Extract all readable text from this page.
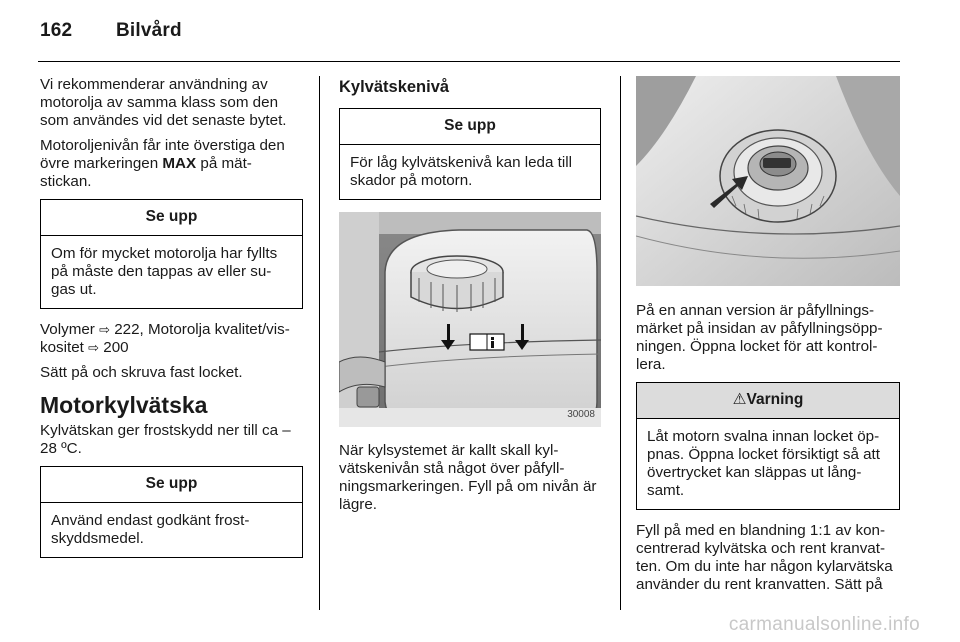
162 Bilvård

Vi rekommenderar användning av motorolja av samma klass som den som användes vid det senaste bytet.

Motoroljenivån får inte överstiga den övre markeringen MAX på mät-stickan.

Se upp
Om för mycket motorolja har fyllts på måste den tappas av eller su-gas ut.

Volymer ⇨ 222, Motorolja kvalitet/vis-kositet ⇨ 200

Sätt på och skruva fast locket.

Motorkylvätska

Kylvätskan ger frostskydd ner till ca –28 ºC.

Se upp
Använd endast godkänt frost-skyddsmedel.
Kylvätskenivå
Se upp
För låg kylvätskenivå kan leda till skador på motorn.
30008

När kylsystemet är kallt skall kyl-vätskenivån stå något över påfyll-ningsmarkeringen. Fyll på om nivån är lägre.

På en annan version är påfyllnings-märket på insidan av påfyllningsöpp-ningen. Öppna locket för att kontrol-lera.

⚠Varning
Låt motorn svalna innan locket öp-pnas. Öppna locket försiktigt så att övertrycket kan släppas ut lång-samt.

Fyll på med en blandning 1:1 av kon-centrerad kylvätska och rent kranvat-ten. Om du inte har någon kylarvätska använder du rent kranvatten. Sätt på

carmanualsonline.info
